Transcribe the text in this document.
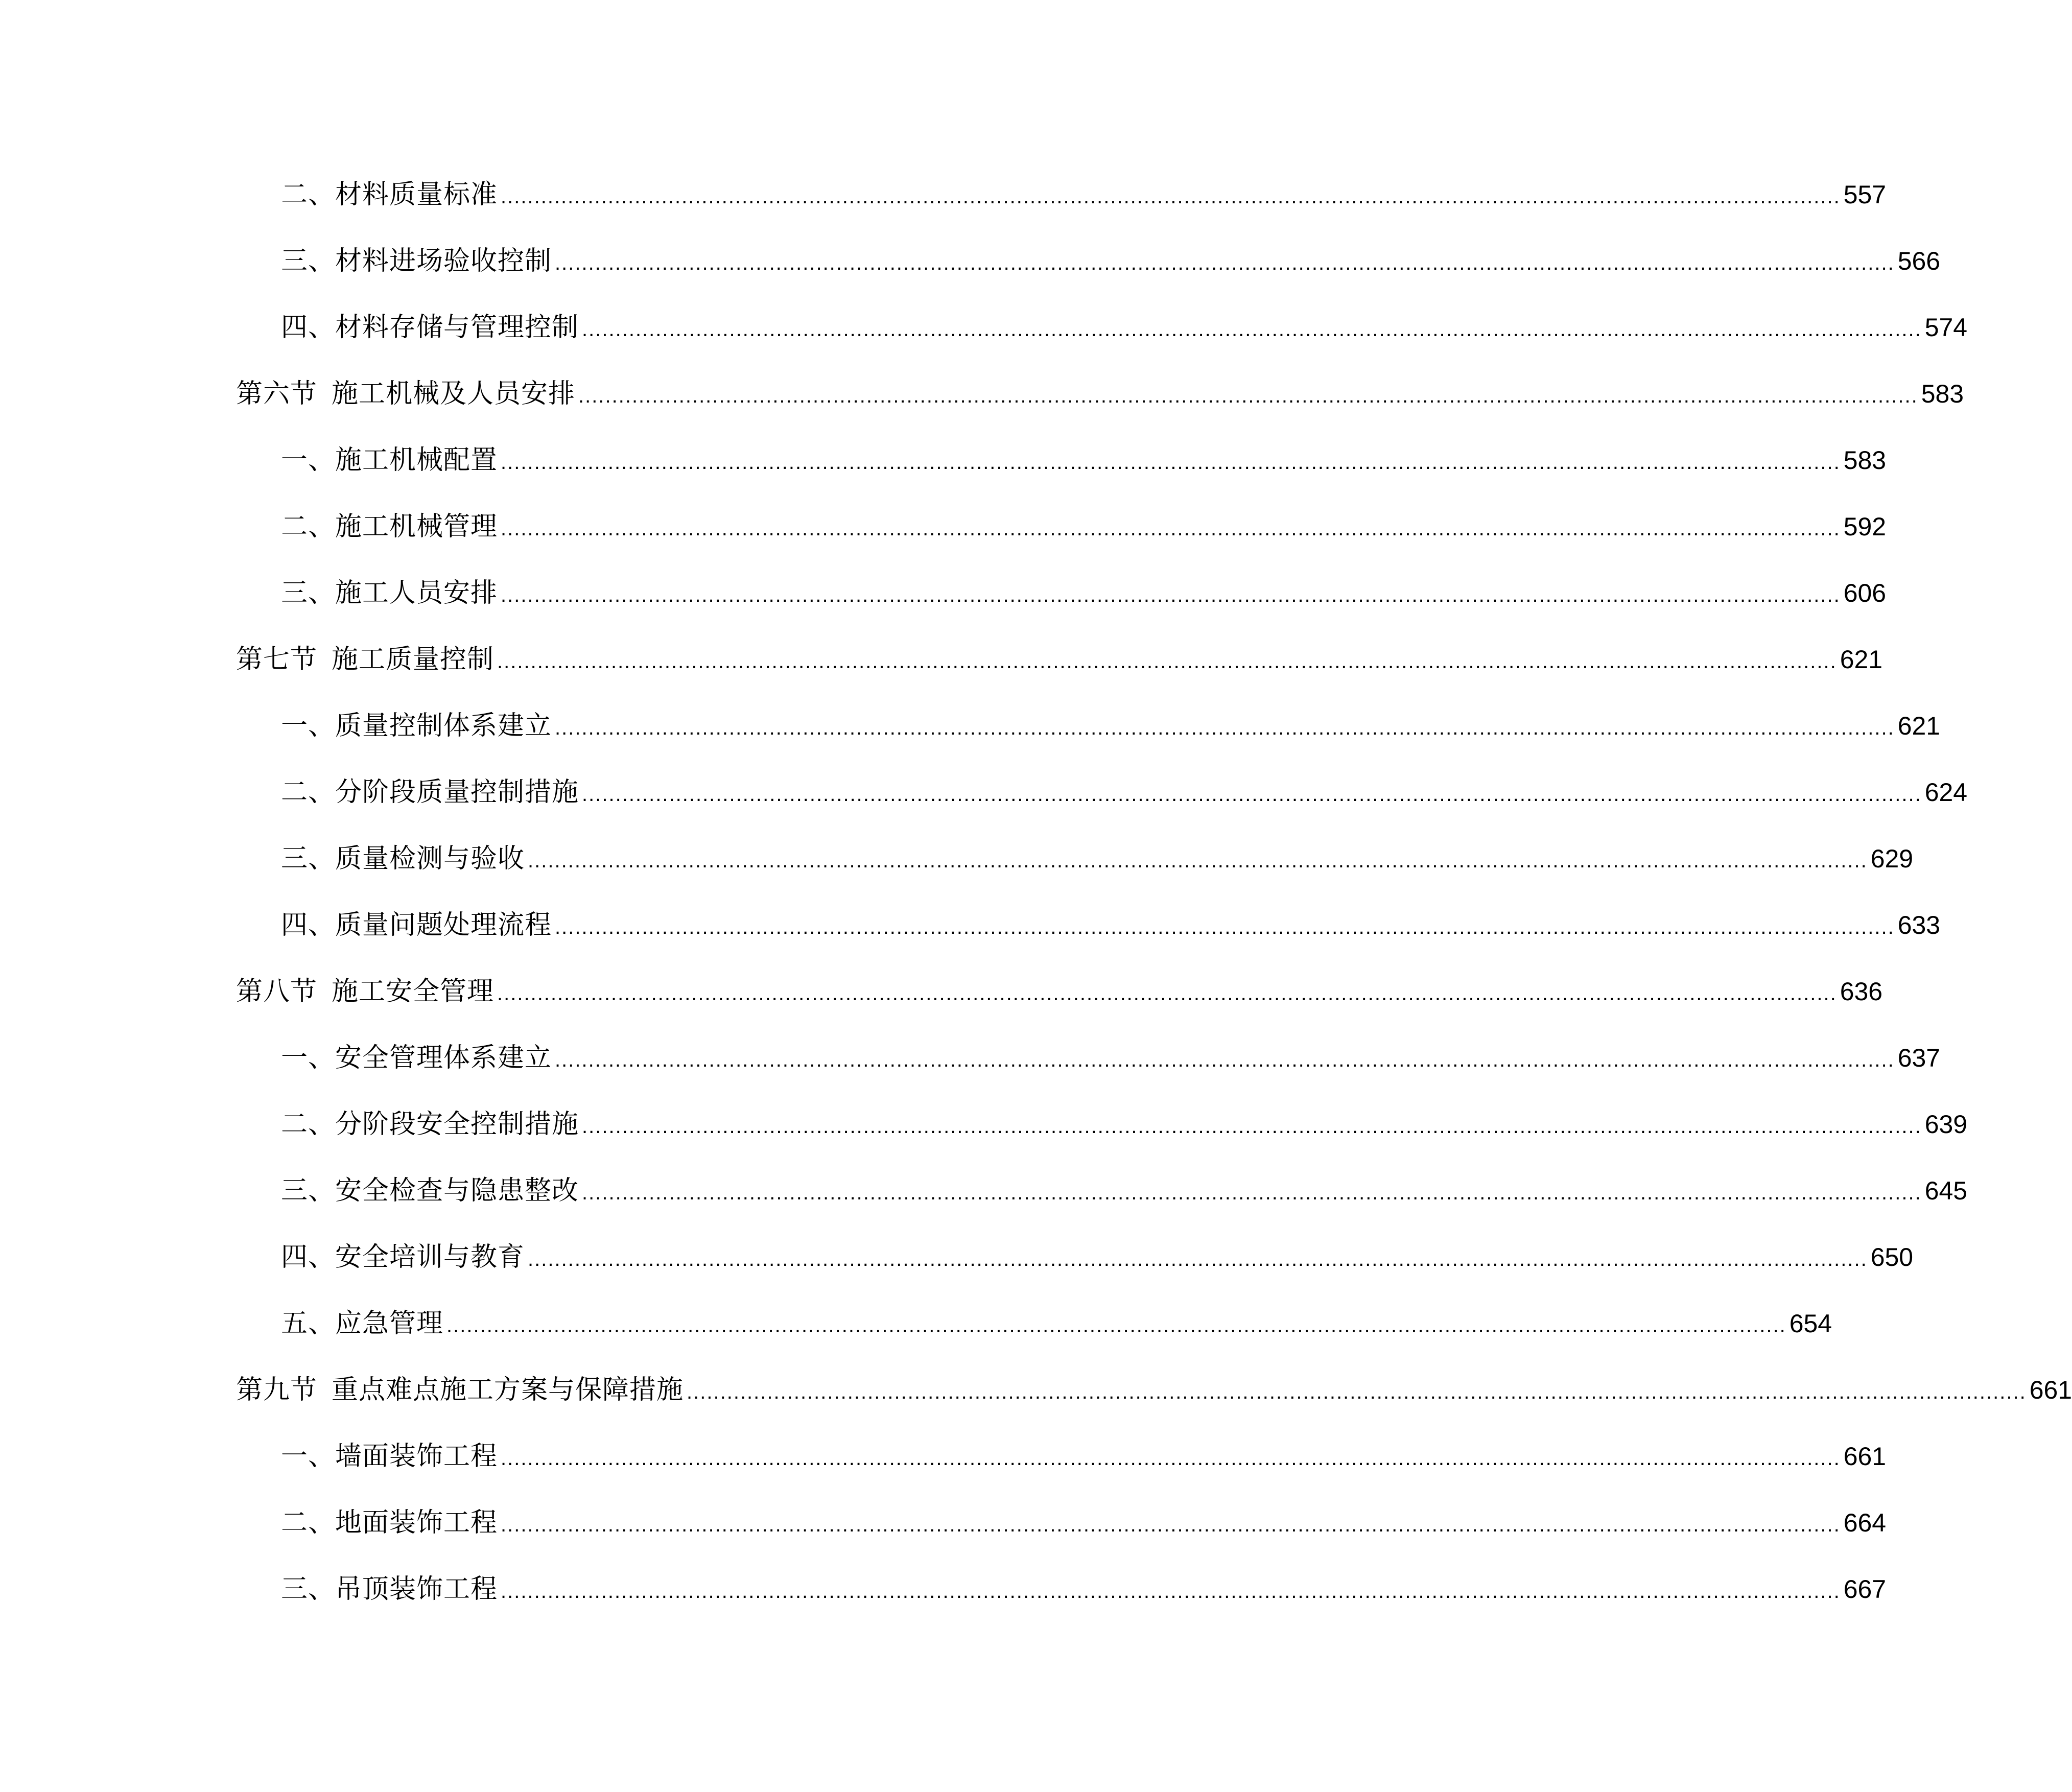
二、 材料质量标准 ........................................................................................................................................................................................................ 557
三、 材料进场验收控制 ........................................................................................................................................................................................................ 566
四、 材料存储与管理控制 ........................................................................................................................................................................................................ 574
第六节 施工机械及人员安排 ........................................................................................................................................................................................................ 583
一、 施工机械配置 ........................................................................................................................................................................................................ 583
二、 施工机械管理 ........................................................................................................................................................................................................ 592
三、 施工人员安排 ........................................................................................................................................................................................................ 606
第七节 施工质量控制 ........................................................................................................................................................................................................ 621
一、 质量控制体系建立 ........................................................................................................................................................................................................ 621
二、 分阶段质量控制措施 ........................................................................................................................................................................................................ 624
三、 质量检测与验收 ........................................................................................................................................................................................................ 629
四、 质量问题处理流程 ........................................................................................................................................................................................................ 633
第八节 施工安全管理 ........................................................................................................................................................................................................ 636
一、 安全管理体系建立 ........................................................................................................................................................................................................ 637
二、 分阶段安全控制措施 ........................................................................................................................................................................................................ 639
三、 安全检查与隐患整改 ........................................................................................................................................................................................................ 645
四、 安全培训与教育 ........................................................................................................................................................................................................ 650
五、 应急管理 ........................................................................................................................................................................................................ 654
第九节 重点难点施工方案与保障措施 ........................................................................................................................................................................................................ 661
一、 墙面装饰工程 ........................................................................................................................................................................................................ 661
二、 地面装饰工程 ........................................................................................................................................................................................................ 664
三、 吊顶装饰工程 ........................................................................................................................................................................................................ 667
